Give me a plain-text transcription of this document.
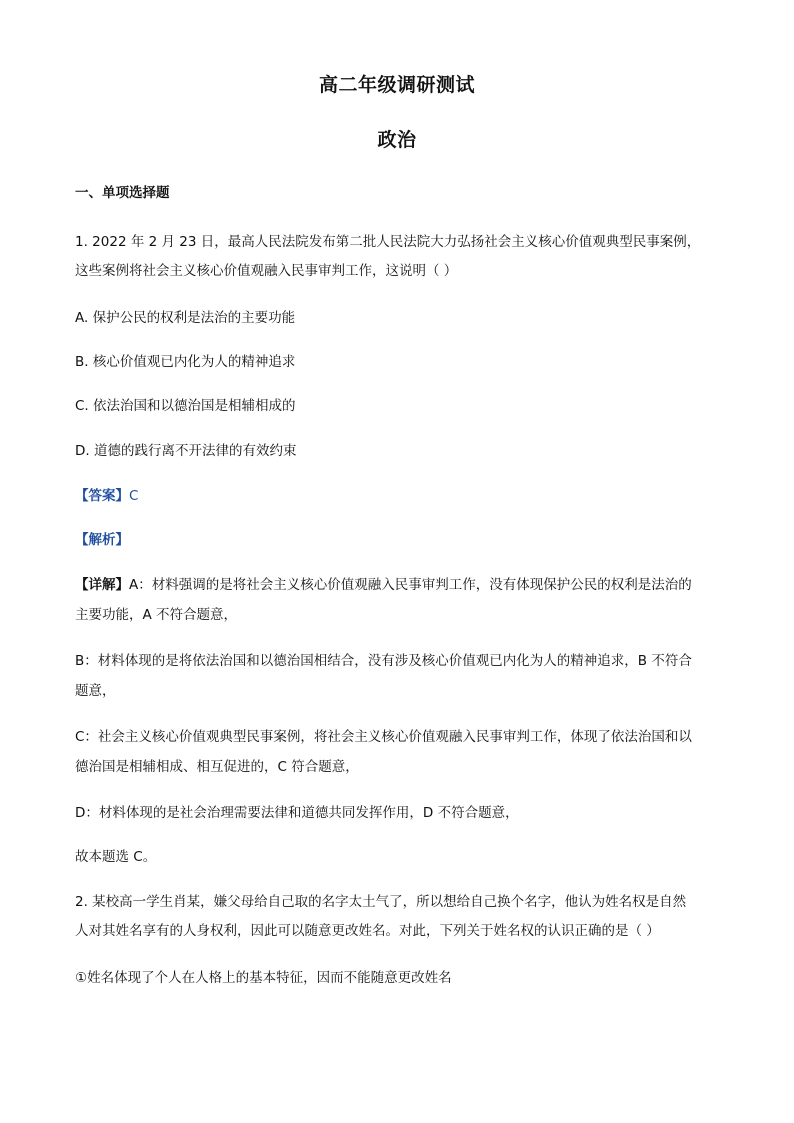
高二年级调研测试
政治
一、单项选择题
1. 2022 年 2 月 23 日，最高人民法院发布第二批人民法院大力弘扬社会主义核心价值观典型民事案例，
这些案例将社会主义核心价值观融入民事审判工作，这说明（ ）
A. 保护公民的权利是法治的主要功能
B. 核心价值观已内化为人的精神追求
C. 依法治国和以德治国是相辅相成的
D. 道德的践行离不开法律的有效约束
【答案】C
【解析】
【详解】A：材料强调的是将社会主义核心价值观融入民事审判工作，没有体现保护公民的权利是法治的
主要功能，A 不符合题意，
B：材料体现的是将依法治国和以德治国相结合，没有涉及核心价值观已内化为人的精神追求，B 不符合
题意，
C：社会主义核心价值观典型民事案例，将社会主义核心价值观融入民事审判工作，体现了依法治国和以
德治国是相辅相成、相互促进的，C 符合题意，
D：材料体现的是社会治理需要法律和道德共同发挥作用，D 不符合题意，
故本题选 C。
2. 某校高一学生肖某，嫌父母给自己取的名字太土气了，所以想给自己换个名字，他认为姓名权是自然
人对其姓名享有的人身权利，因此可以随意更改姓名。对此，下列关于姓名权的认识正确的是（ ）
①姓名体现了个人在人格上的基本特征，因而不能随意更改姓名
